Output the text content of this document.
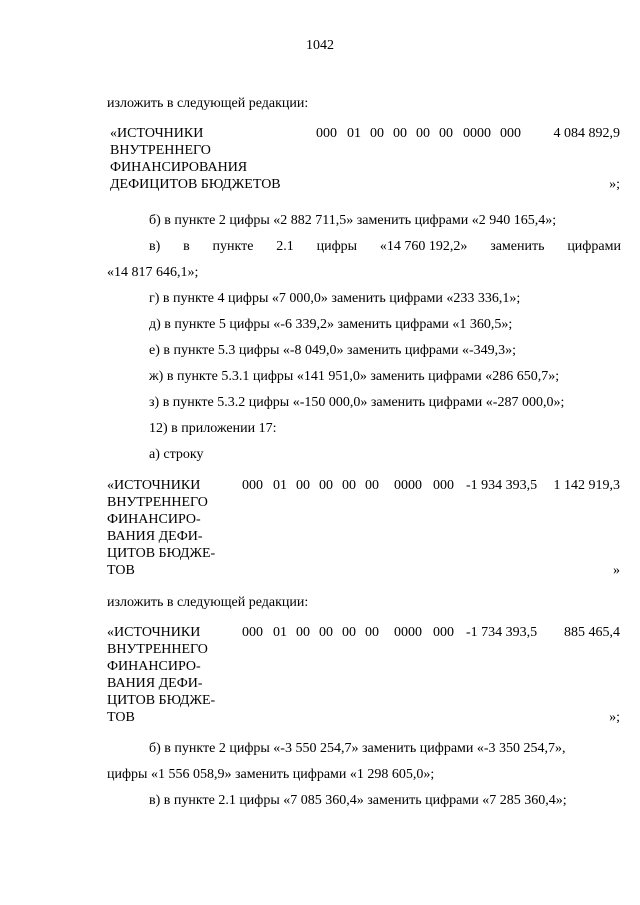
1042
изложить в следующей редакции:
«ИСТОЧНИКИ
ВНУТРЕННЕГО
ФИНАНСИРОВАНИЯ
ДЕФИЦИТОВ БЮДЖЕТОВ
000 01 00 00 00 00 0000 000	4 084 892,9
»;
б) в пункте 2 цифры «2 882 711,5» заменить цифрами «2 940 165,4»;
в) в пункте 2.1 цифры «14 760 192,2» заменить цифрами
«14 817 646,1»;
г) в пункте 4 цифры «7 000,0» заменить цифрами «233 336,1»;
д) в пункте 5 цифры «-6 339,2» заменить цифрами «1 360,5»;
е) в пункте 5.3 цифры «-8 049,0» заменить цифрами «-349,3»;
ж) в пункте 5.3.1 цифры «141 951,0» заменить цифрами «286 650,7»;
з) в пункте 5.3.2 цифры «-150 000,0» заменить цифрами «-287 000,0»;
12) в приложении 17:
а) строку
«ИСТОЧНИКИ
ВНУТРЕННЕГО
ФИНАНСИРО-
ВАНИЯ ДЕФИ-
ЦИТОВ БЮДЖЕ-
ТОВ
000 01 00 00 00 00 0000 000 -1 934 393,5	1 142 919,3
»
изложить в следующей редакции:
«ИСТОЧНИКИ
ВНУТРЕННЕГО
ФИНАНСИРО-
ВАНИЯ ДЕФИ-
ЦИТОВ БЮДЖЕ-
ТОВ
000 01 00 00 00 00 0000 000 -1 734 393,5	885 465,4
»;
б) в пункте 2 цифры «-3 550 254,7» заменить цифрами «-3 350 254,7»,
цифры «1 556 058,9» заменить цифрами «1 298 605,0»;
в) в пункте 2.1 цифры «7 085 360,4» заменить цифрами «7 285 360,4»;
